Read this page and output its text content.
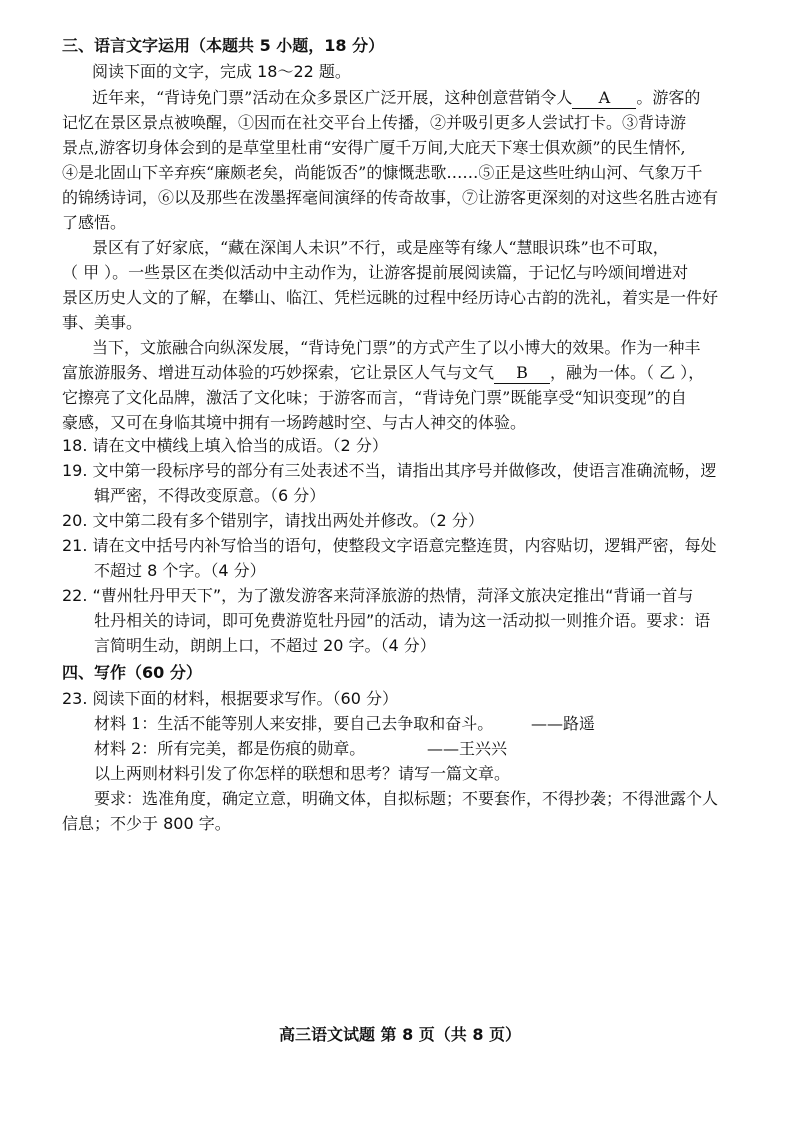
三、语言文字运用（本题共 5 小题，18 分）
阅读下面的文字，完成 18～22 题。
近年来，“背诗免门票”活动在众多景区广泛开展，这种创意营销令人 A 。游客的
记忆在景区景点被唤醒，①因而在社交平台上传播，②并吸引更多人尝试打卡。③背诗游
景点,游客切身体会到的是草堂里杜甫“安得广厦千万间,大庇天下寒士俱欢颜”的民生情怀,
④是北固山下辛弃疾“廉颇老矣，尚能饭否”的慷慨悲歌……⑤正是这些吐纳山河、气象万千
的锦绣诗词，⑥以及那些在泼墨挥毫间演绎的传奇故事，⑦让游客更深刻的对这些名胜古迹有
了感悟。
景区有了好家底，“藏在深闺人未识”不行，或是座等有缘人“慧眼识珠”也不可取，
（ 甲 ）。一些景区在类似活动中主动作为，让游客提前展阅读篇，于记忆与吟颂间增进对
景区历史人文的了解，在攀山、临江、凭栏远眺的过程中经历诗心古韵的洗礼，着实是一件好
事、美事。
当下，文旅融合向纵深发展，“背诗免门票”的方式产生了以小博大的效果。作为一种丰
富旅游服务、增进互动体验的巧妙探索，它让景区人气与文气 B ，融为一体。（ 乙 ），
它擦亮了文化品牌，激活了文化味；于游客而言，“背诗免门票”既能享受“知识变现”的自
豪感，又可在身临其境中拥有一场跨越时空、与古人神交的体验。
18. 请在文中横线上填入恰当的成语。（2 分）
19. 文中第一段标序号的部分有三处表述不当，请指出其序号并做修改，使语言准确流畅，逻
辑严密，不得改变原意。（6 分）
20. 文中第二段有多个错别字，请找出两处并修改。（2 分）
21. 请在文中括号内补写恰当的语句，使整段文字语意完整连贯，内容贴切，逻辑严密，每处
不超过 8 个字。（4 分）
22. “曹州牡丹甲天下”，为了激发游客来菏泽旅游的热情，菏泽文旅决定推出“背诵一首与
牡丹相关的诗词，即可免费游览牡丹园”的活动，请为这一活动拟一则推介语。要求：语
言简明生动，朗朗上口，不超过 20 字。（4 分）
四、写作（60 分）
23. 阅读下面的材料，根据要求写作。（60 分）
材料 1：生活不能等别人来安排，要自己去争取和奋斗。 ——路遥
材料 2：所有完美，都是伤痕的勋章。	——王兴兴
以上两则材料引发了你怎样的联想和思考？请写一篇文章。
要求：选准角度，确定立意，明确文体，自拟标题；不要套作，不得抄袭；不得泄露个人
信息；不少于 800 字。
高三语文试题 第 8 页（共 8 页）
